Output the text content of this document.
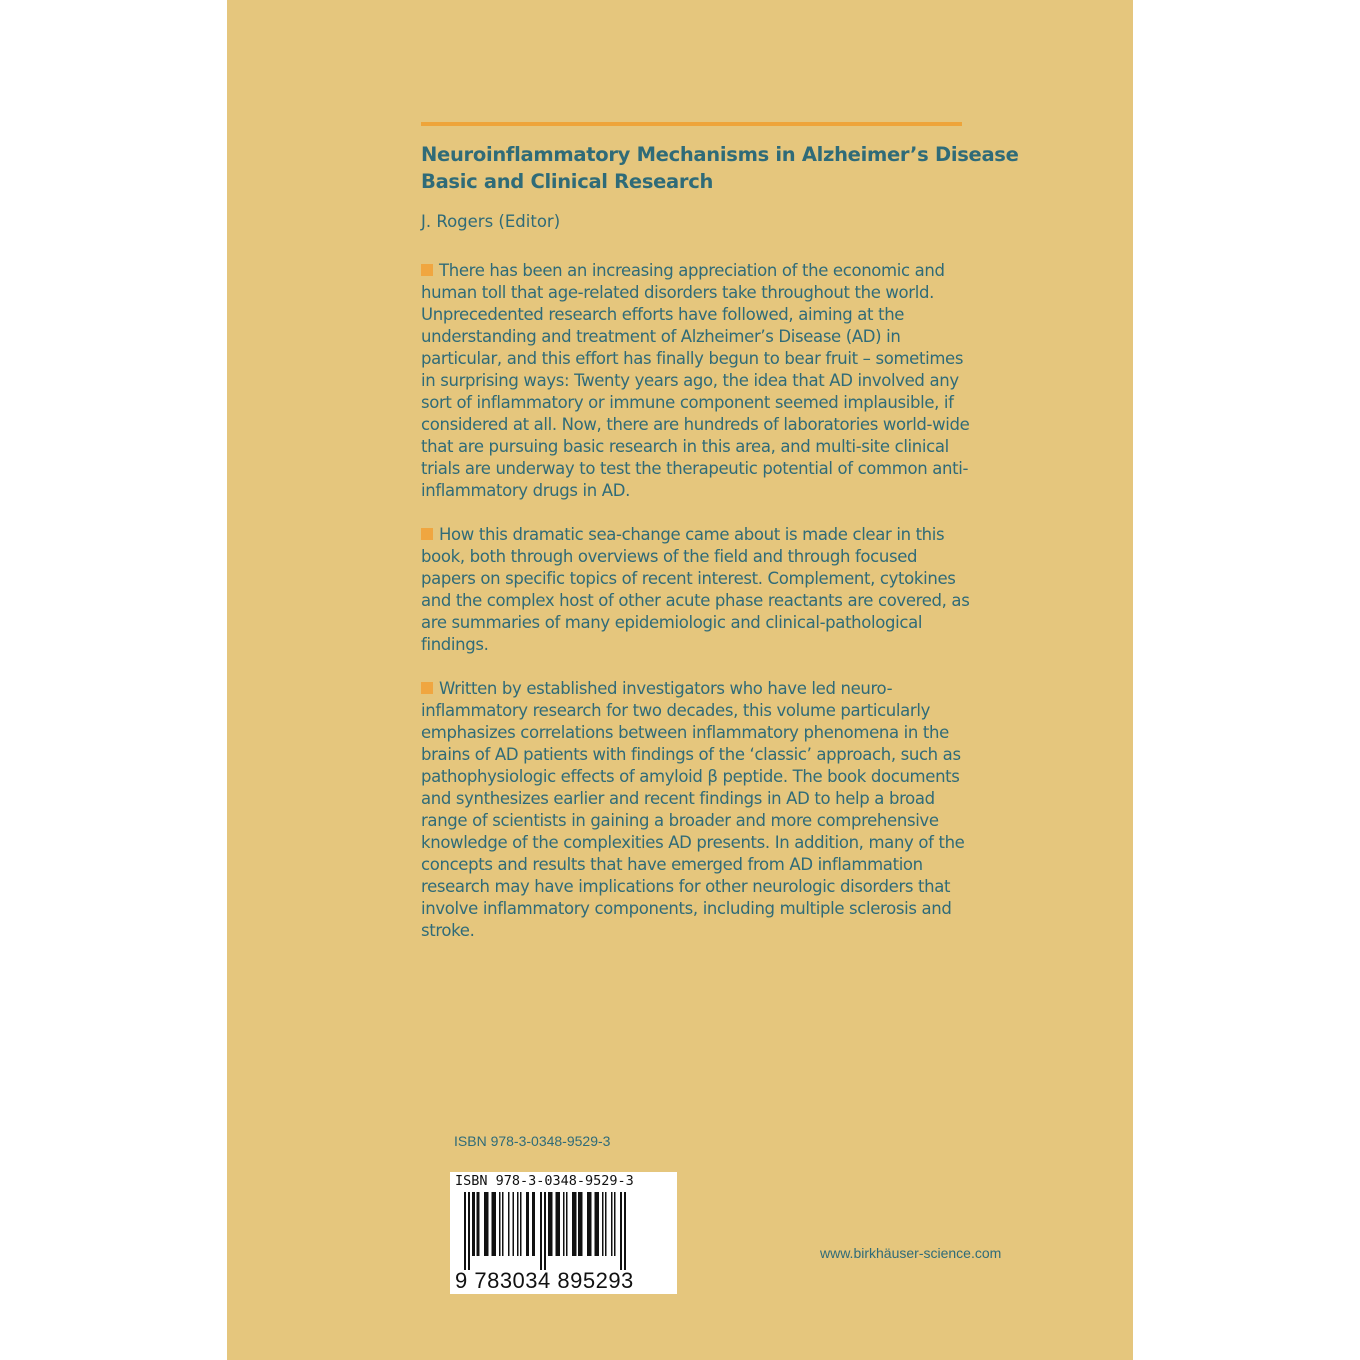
Neuroinflammatory Mechanisms in Alzheimer’s Disease
Basic and Clinical Research
J. Rogers (Editor)
There has been an increasing appreciation of the economic and
human toll that age-related disorders take throughout the world.
Unprecedented research efforts have followed, aiming at the
understanding and treatment of Alzheimer’s Disease (AD) in
particular, and this effort has finally begun to bear fruit – sometimes
in surprising ways: Twenty years ago, the idea that AD involved any
sort of inflammatory or immune component seemed implausible, if
considered at all. Now, there are hundreds of laboratories world-wide
that are pursuing basic research in this area, and multi-site clinical
trials are underway to test the therapeutic potential of common anti-
inflammatory drugs in AD.
How this dramatic sea-change came about is made clear in this
book, both through overviews of the field and through focused
papers on specific topics of recent interest. Complement, cytokines
and the complex host of other acute phase reactants are covered, as
are summaries of many epidemiologic and clinical-pathological
findings.
Written by established investigators who have led neuro-
inflammatory research for two decades, this volume particularly
emphasizes correlations between inflammatory phenomena in the
brains of AD patients with findings of the ‘classic’ approach, such as
pathophysiologic effects of amyloid β peptide. The book documents
and synthesizes earlier and recent findings in AD to help a broad
range of scientists in gaining a broader and more comprehensive
knowledge of the complexities AD presents. In addition, many of the
concepts and results that have emerged from AD inflammation
research may have implications for other neurologic disorders that
involve inflammatory components, including multiple sclerosis and
stroke.
ISBN 978-3-0348-9529-3
ISBN 978-3-0348-9529-3
9 783034 895293
www.birkhäuser-science.com
